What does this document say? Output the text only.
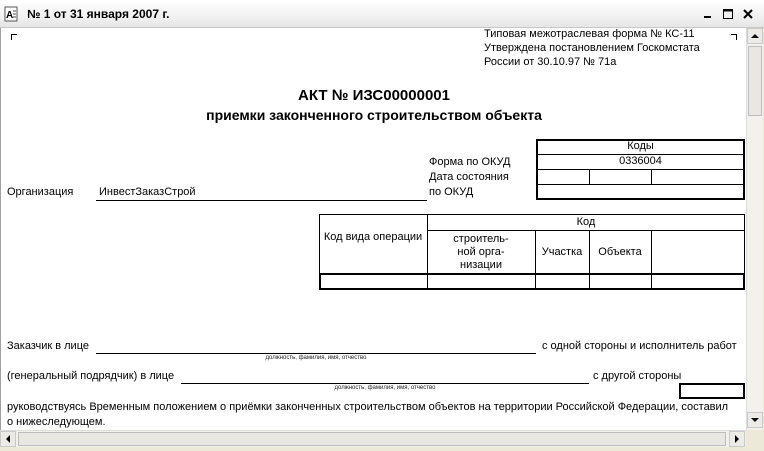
A № 1 от 31 января 2007 г.
Типовая межотраслевая форма № КС-11
Утверждена постановлением Госкомстата
России от 30.10.97 № 71а
АКТ № ИЗС00000001
приемки законченного строительством объекта
Коды
0336004
Форма по ОКУД
Дата состояния
по ОКУД
Организация ИнвестЗаказСтрой
Код
Код вида операции	строитель-
ной орга-
низации
Участка	Объекта
Заказчик в лице
должность, фамилия, имя, отчество
с одной стороны и исполнитель работ
(генеральный подрядчик) в лице
должность, фамилия, имя, отчество
с другой стороны
руководствуясь Временным положением о приёмки законченных строительством объектов на территории Российской Федерации, составил
о нижеследующем.
